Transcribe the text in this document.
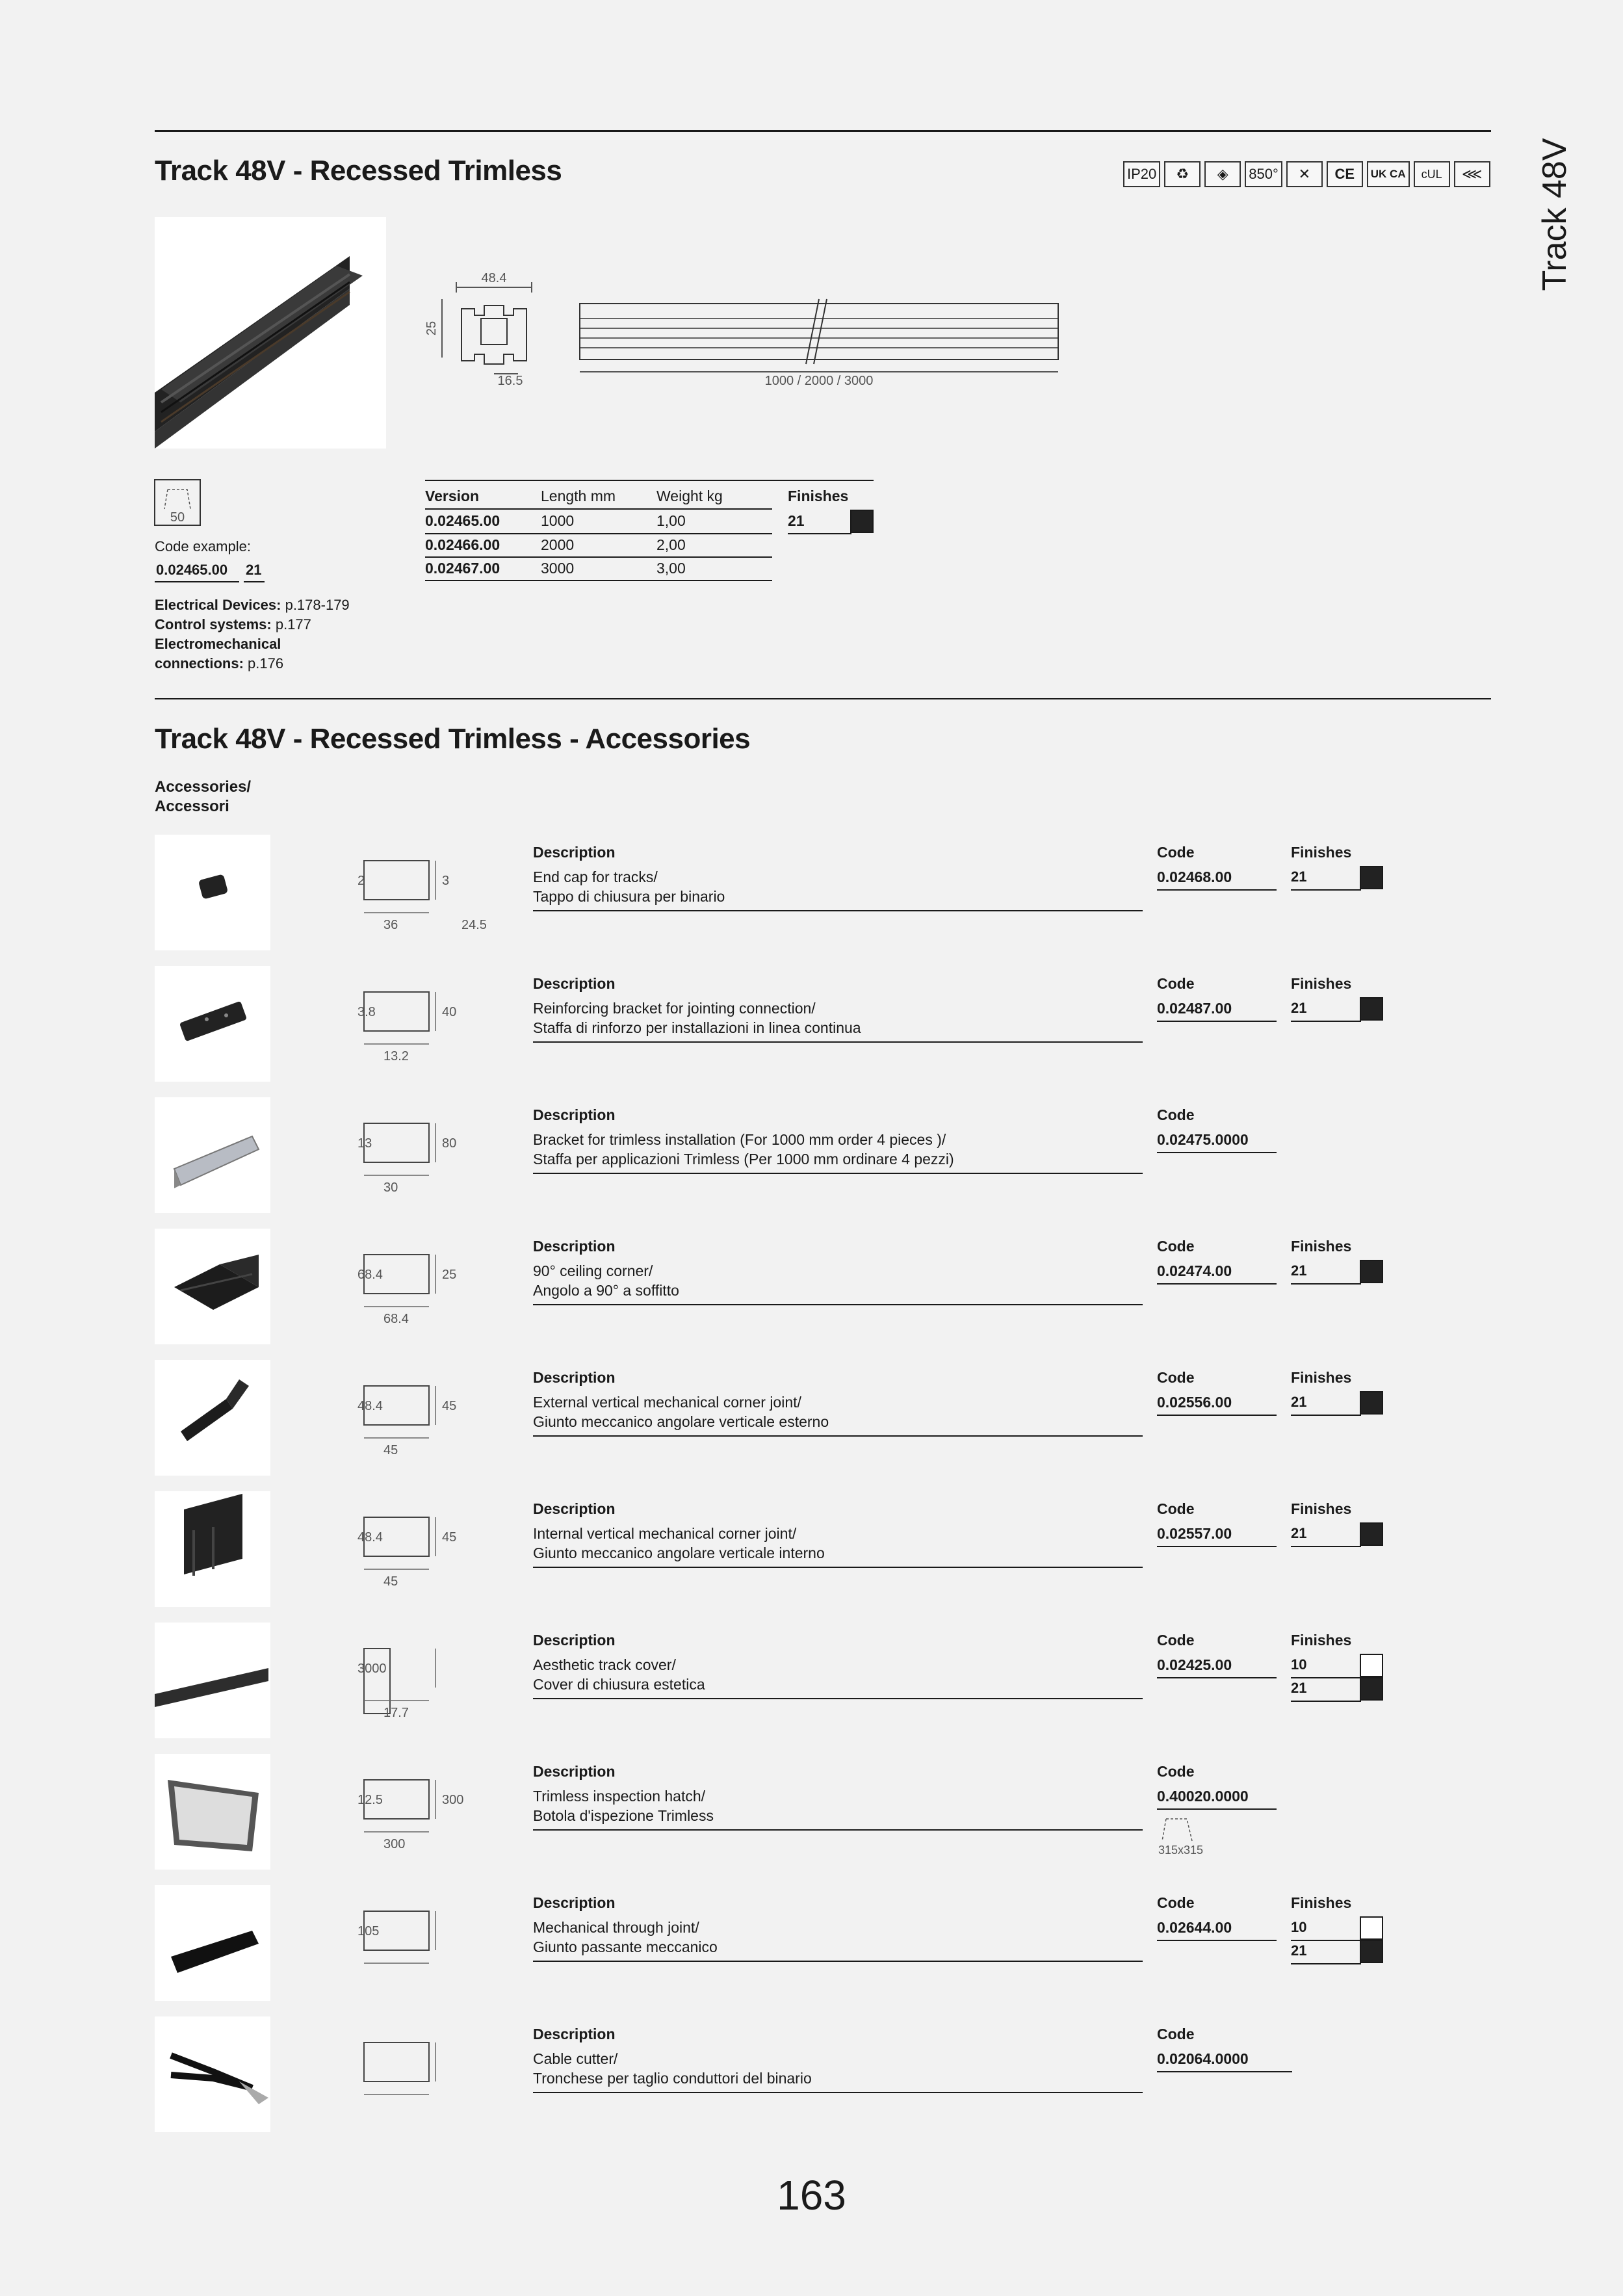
Track 48V
Track 48V - Recessed Trimless	IP20	♻	◈	850°	✕	CE	UK CA	cUL	⋘
48.4
25
16.5	1000 / 2000 / 3000
50
Code example:
0.02465.00 21
Electrical Devices: p.178-179
Control systems: p.177
Electromechanical
connections: p.176
Version	Length mm	Weight kg	Finishes
0.02465.00	1000	1,00
0.02466.00	2000	2,00
0.02467.00	3000	3,00
21
Track 48V - Recessed Trimless - Accessories
Accessories/
Accessori
2
36
3
24.5
Description
End cap for tracks/
Tappo di chiusura per binario
Code
0.02468.00
Finishes
21
3.8
13.2
40
Description
Reinforcing bracket for jointing connection/
Staffa di rinforzo per installazioni in linea continua
Code
0.02487.00
Finishes
21
13
30
80
Description
Bracket for trimless installation (For 1000 mm order 4 pieces )/
Staffa per applicazioni Trimless (Per 1000 mm ordinare 4 pezzi)
Code
0.02475.0000
68.4
68.4
25
Description
90° ceiling corner/
Angolo a 90° a soffitto
Code
0.02474.00
Finishes
21
48.4
45
45
Description
External vertical mechanical corner joint/
Giunto meccanico angolare verticale esterno
Code
0.02556.00
Finishes
21
48.4
45
45
Description
Internal vertical mechanical corner joint/
Giunto meccanico angolare verticale interno
Code
0.02557.00
Finishes
21
3000
17.7
Description
Aesthetic track cover/
Cover di chiusura estetica
Code
0.02425.00
Finishes
10
21
12.5
300
300
Description
Trimless inspection hatch/
Botola d'ispezione Trimless
Code
0.40020.0000
315x315
105
Description
Mechanical through joint/
Giunto passante meccanico
Code
0.02644.00
Finishes
10
21
Description
Cable cutter/
Tronchese per taglio conduttori del binario
Code
0.02064.0000
163
